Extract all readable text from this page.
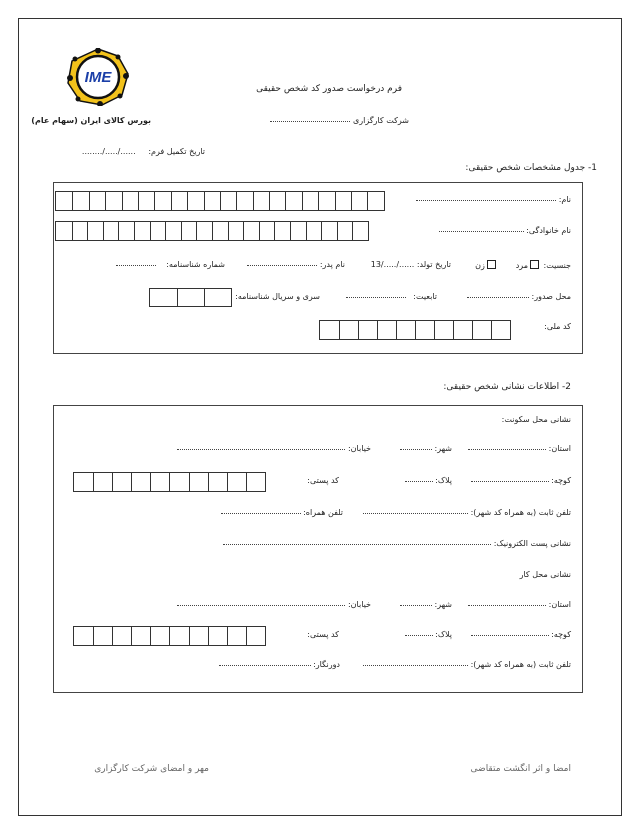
IME
فرم درخواست صدور کد شخص حقیقی
شرکت کارگزاری
بورس کالای ایران (سهام عام)
تاریخ تکمیل فرم:     ....../...../........
1- جدول مشخصات شخص حقیقی:
نام:
نام خانوادگی:
جنسیت: مرد       زن
تاریخ تولد: ....../...../13
نام پدر:
شماره شناسنامه:
محل صدور:
تابعیت:
سری و سریال شناسنامه:
کد ملی:
2- اطلاعات نشانی شخص حقیقی:
نشانی محل سکونت:
استان:
شهر:
خیابان:
کوچه:
پلاک:
کد پستی:
تلفن ثابت (به همراه کد شهر):
تلفن همراه:
نشانی پست الکترونیک:
نشانی محل کار
استان:
شهر:
خیابان:
کوچه:
پلاک:
کد پستی:
تلفن ثابت (به همراه کد شهر):
دورنگار:
امضا و اثر انگشت متقاضی
مهر و امضای شرکت کارگزاری
